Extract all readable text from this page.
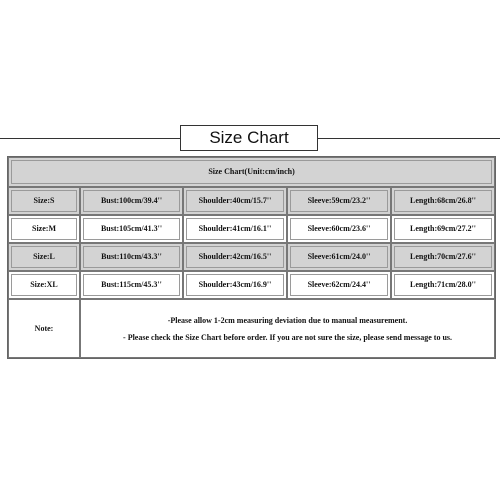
Size Chart
Size Chart(Unit:cm/inch)				

Size:S	Bust:100cm/39.4''	Shoulder:40cm/15.7''	Sleeve:59cm/23.2''	Length:68cm/26.8''

Size:M	Bust:105cm/41.3''	Shoulder:41cm/16.1''	Sleeve:60cm/23.6''	Length:69cm/27.2''

Size:L	Bust:110cm/43.3''	Shoulder:42cm/16.5''	Sleeve:61cm/24.0''	Length:70cm/27.6''

Size:XL	Bust:115cm/45.3''	Shoulder:43cm/16.9''	Sleeve:62cm/24.4''	Length:71cm/28.0''

Note:	-Please allow 1-2cm measuring deviation due to manual measurement.
- Please check the Size Chart before order. If you are not sure the size, please send message to us.			
